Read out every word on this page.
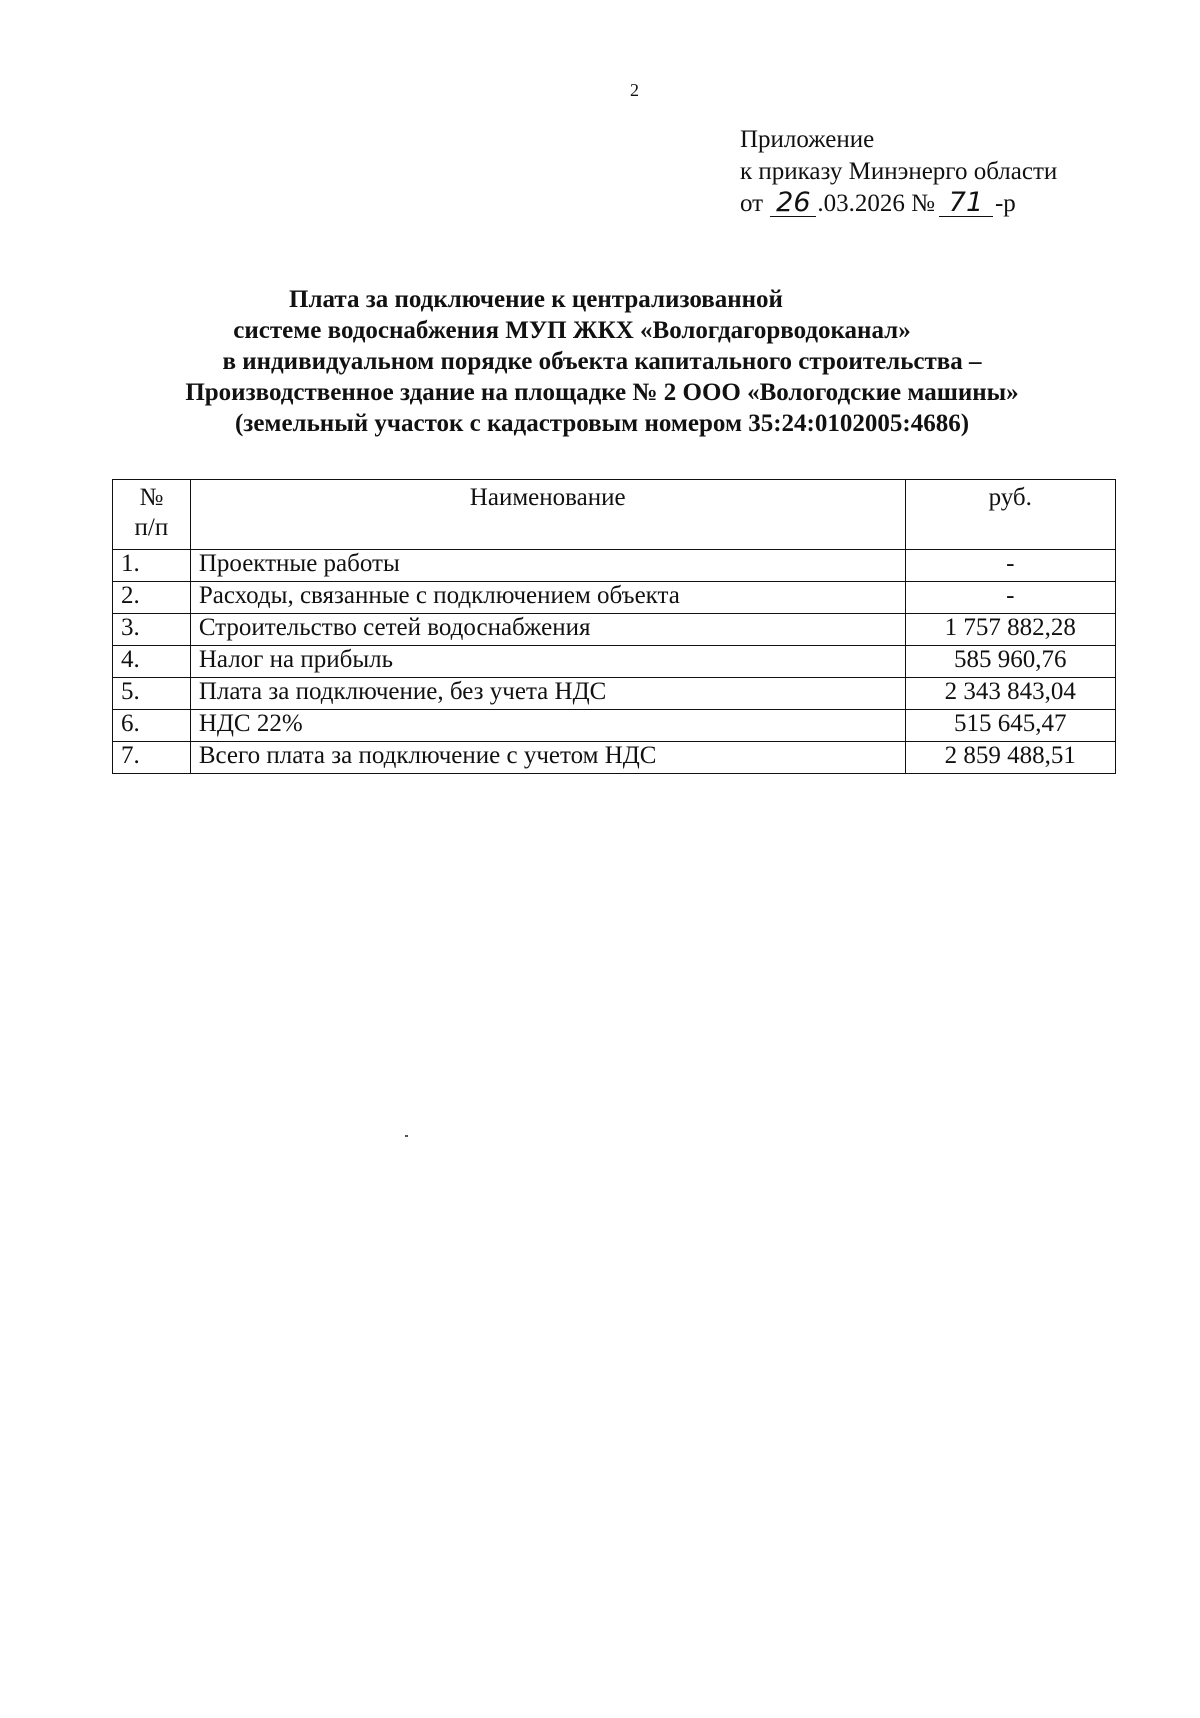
2
Приложение
к приказу Минэнерго области
от 26 .03.2026 № 71 -р
Плата за подключение к централизованной
системе водоснабжения МУП ЖКХ «Вологдагорводоканал»
в индивидуальном порядке объекта капитального строительства –
Производственное здание на площадке № 2 ООО «Вологодские машины»
(земельный участок с кадастровым номером 35:24:0102005:4686)
№
п/п	Наименование	руб.
1.	Проектные работы	-
2.	Расходы, связанные с подключением объекта	-
3.	Строительство сетей водоснабжения	1 757 882,28
4.	Налог на прибыль	585 960,76
5.	Плата за подключение, без учета НДС	2 343 843,04
6.	НДС 22%	515 645,47
7.	Всего плата за подключение с учетом НДС	2 859 488,51
